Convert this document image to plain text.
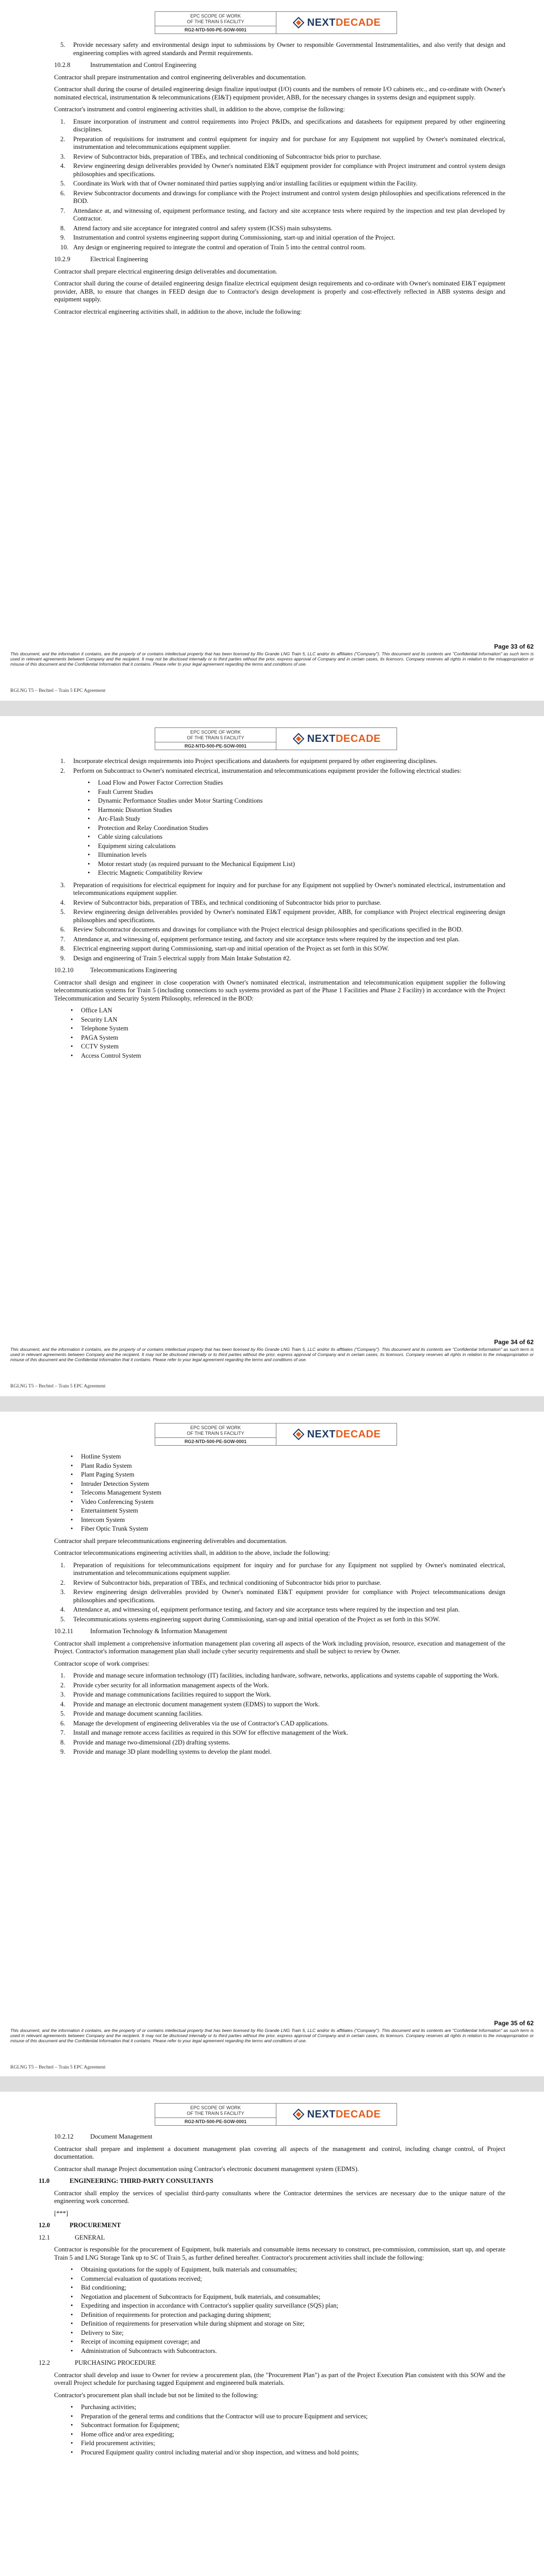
EPC SCOPE OF WORK
OF THE TRAIN 5 FACILITY
RG2-NTD-500-PE-SOW-0001
NEXT DECADE
5.	Provide necessary safety and environmental design input to submissions by Owner to responsible Governmental Instrumentalities, and also verify that design and engineering complies with agreed standards and Permit requirements.
10.2.8	Instrumentation and Control Engineering

Contractor shall prepare instrumentation and control engineering deliverables and documentation.

Contractor shall during the course of detailed engineering design finalize input/output (I/O) counts and the numbers of remote I/O cabinets etc., and co-ordinate with Owner's nominated electrical, instrumentation & telecommunications (EI&T) equipment provider, ABB, for the necessary changes in systems design and equipment supply.

Contractor's instrument and control engineering activities shall, in addition to the above, comprise the following:

1.	Ensure incorporation of instrument and control requirements into Project P&IDs, and specifications and datasheets for equipment prepared by other engineering disciplines.
2.	Preparation of requisitions for instrument and control equipment for inquiry and for purchase for any Equipment not supplied by Owner's nominated electrical, instrumentation and telecommunications equipment supplier.
3.	Review of Subcontractor bids, preparation of TBEs, and technical conditioning of Subcontractor bids prior to purchase.
4.	Review engineering design deliverables provided by Owner's nominated EI&T equipment provider for compliance with Project instrument and control system design philosophies and specifications.
5.	Coordinate its Work with that of Owner nominated third parties supplying and/or installing facilities or equipment within the Facility.
6.	Review Subcontractor documents and drawings for compliance with the Project instrument and control system design philosophies and specifications referenced in the BOD.
7.	Attendance at, and witnessing of, equipment performance testing, and factory and site acceptance tests where required by the inspection and test plan developed by Contractor.
8.	Attend factory and site acceptance for integrated control and safety system (ICSS) main subsystems.
9.	Instrumentation and control systems engineering support during Commissioning, start-up and initial operation of the Project.
10. Any design or engineering required to integrate the control and operation of Train 5 into the central control room.
10.2.9	Electrical Engineering

Contractor shall prepare electrical engineering design deliverables and documentation.

Contractor shall during the course of detailed engineering design finalize electrical equipment design requirements and co-ordinate with Owner's nominated EI&T equipment provider, ABB, to ensure that changes in FEED design due to Contractor's design development is properly and cost-effectively reflected in ABB systems design and equipment supply.

Contractor electrical engineering activities shall, in addition to the above, include the following:

Page 33 of 62
This document, and the information it contains, are the property of or contains intellectual property that has been licensed by Rio Grande LNG Train 5, LLC and/or its affiliates ("Company"). This document and its contents are "Confidential Information" as such term is used in relevant agreements between Company and the recipient. It may not be disclosed internally or to third parties without the prior, express approval of Company and in certain cases, its licensors. Company reserves all rights in relation to the misappropriation or misuse of this document and the Confidential Information that it contains. Please refer to your legal agreement regarding the terms and conditions of use.
RGLNG T5 – Bechtel – Train 5 EPC Agreement
EPC SCOPE OF WORK
OF THE TRAIN 5 FACILITY
RG2-NTD-500-PE-SOW-0001
NEXT DECADE
1.	Incorporate electrical design requirements into Project specifications and datasheets for equipment prepared by other engineering disciplines.
2.	Perform on Subcontract to Owner's nominated electrical, instrumentation and telecommunications equipment provider the following electrical studies:
•	Load Flow and Power Factor Correction Studies
•	Fault Current Studies
•	Dynamic Performance Studies under Motor Starting Conditions
•	Harmonic Distortion Studies
•	Arc-Flash Study
•	Protection and Relay Coordination Studies
•	Cable sizing calculations
•	Equipment sizing calculations
•	Illumination levels
•	Motor restart study (as required pursuant to the Mechanical Equipment List)
•	Electric Magnetic Compatibility Review
3.	Preparation of requisitions for electrical equipment for inquiry and for purchase for any Equipment not supplied by Owner's nominated electrical, instrumentation and telecommunications equipment supplier.
4.	Review of Subcontractor bids, preparation of TBEs, and technical conditioning of Subcontractor bids prior to purchase.
5.	Review engineering design deliverables provided by Owner's nominated EI&T equipment provider, ABB, for compliance with Project electrical engineering design philosophies and specifications.
6.	Review Subcontractor documents and drawings for compliance with the Project electrical design philosophies and specifications specified in the BOD.
7.	Attendance at, and witnessing of, equipment performance testing, and factory and site acceptance tests where required by the inspection and test plan.
8.	Electrical engineering support during Commissioning, start-up and initial operation of the Project as set forth in this SOW.
9.	Design and engineering of Train 5 electrical supply from Main Intake Substation #2.
10.2.10	Telecommunications Engineering

Contractor shall design and engineer in close cooperation with Owner's nominated electrical, instrumentation and telecommunication equipment supplier the following telecommunication systems for Train 5 (including connections to such systems provided as part of the Phase 1 Facilities and Phase 2 Facility) in accordance with the Project Telecommunication and Security System Philosophy, referenced in the BOD:

•	Office LAN
•	Security LAN
•	Telephone System
•	PAGA System
•	CCTV System
•	Access Control System
Page 34 of 62
This document, and the information it contains, are the property of or contains intellectual property that has been licensed by Rio Grande LNG Train 5, LLC and/or its affiliates ("Company"). This document and its contents are "Confidential Information" as such term is used in relevant agreements between Company and the recipient. It may not be disclosed internally or to third parties without the prior, express approval of Company and in certain cases, its licensors. Company reserves all rights in relation to the misappropriation or misuse of this document and the Confidential Information that it contains. Please refer to your legal agreement regarding the terms and conditions of use.
RGLNG T5 – Bechtel – Train 5 EPC Agreement
EPC SCOPE OF WORK
OF THE TRAIN 5 FACILITY
RG2-NTD-500-PE-SOW-0001
NEXT DECADE
•	Hotline System
•	Plant Radio System
•	Plant Paging System
•	Intruder Detection System
•	Telecoms Management System
•	Video Conferencing System
•	Entertainment System
•	Intercom System
•	Fiber Optic Trunk System

Contractor shall prepare telecommunications engineering deliverables and documentation.

Contractor telecommunications engineering activities shall, in addition to the above, include the following:

1.	Preparation of requisitions for telecommunications equipment for inquiry and for purchase for any Equipment not supplied by Owner's nominated electrical, instrumentation and telecommunications equipment supplier.
2.	Review of Subcontractor bids, preparation of TBEs, and technical conditioning of Subcontractor bids prior to purchase.
3.	Review engineering design deliverables provided by Owner's nominated EI&T equipment provider for compliance with Project telecommunications design philosophies and specifications.
4.	Attendance at, and witnessing of, equipment performance testing, and factory and site acceptance tests where required by the inspection and test plan.
5.	Telecommunications systems engineering support during Commissioning, start-up and initial operation of the Project as set forth in this SOW.
10.2.11	Information Technology & Information Management

Contractor shall implement a comprehensive information management plan covering all aspects of the Work including provision, resource, execution and management of the Project. Contractor's information management plan shall include cyber security requirements and shall be subject to review by Owner.

Contractor scope of work comprises:

1.	Provide and manage secure information technology (IT) facilities, including hardware, software, networks, applications and systems capable of supporting the Work.
2.	Provide cyber security for all information management aspects of the Work.
3.	Provide and manage communications facilities required to support the Work.
4.	Provide and manage an electronic document management system (EDMS) to support the Work.
5.	Provide and manage document scanning facilities.
6.	Manage the development of engineering deliverables via the use of Contractor's CAD applications.
7.	Install and manage remote access facilities as required in this SOW for effective management of the Work.
8.	Provide and manage two-dimensional (2D) drafting systems.
9.	Provide and manage 3D plant modelling systems to develop the plant model.
Page 35 of 62
This document, and the information it contains, are the property of or contains intellectual property that has been licensed by Rio Grande LNG Train 5, LLC and/or its affiliates ("Company"). This document and its contents are "Confidential Information" as such term is used in relevant agreements between Company and the recipient. It may not be disclosed internally or to third parties without the prior, express approval of Company and in certain cases, its licensors. Company reserves all rights in relation to the misappropriation or misuse of this document and the Confidential Information that it contains. Please refer to your legal agreement regarding the terms and conditions of use.
RGLNG T5 – Bechtel – Train 5 EPC Agreement
EPC SCOPE OF WORK
OF THE TRAIN 5 FACILITY
RG2-NTD-500-PE-SOW-0001
NEXT DECADE
10.2.12	Document Management

Contractor shall prepare and implement a document management plan covering all aspects of the management and control, including change control, of Project documentation.

Contractor shall manage Project documentation using Contractor's electronic document management system (EDMS).

11.0	ENGINEERING: THIRD-PARTY CONSULTANTS

Contractor shall employ the services of specialist third-party consultants where the Contractor determines the services are necessary due to the unique nature of the engineering work concerned.

[***]

12.0	PROCUREMENT
12.1	GENERAL

Contractor is responsible for the procurement of Equipment, bulk materials and consumable items necessary to construct, pre-commission, commission, start up, and operate Train 5 and LNG Storage Tank up to SC of Train 5, as further defined hereafter. Contractor's procurement activities shall include the following:

•	Obtaining quotations for the supply of Equipment, bulk materials and consumables;
•	Commercial evaluation of quotations received;
•	Bid conditioning;
•	Negotiation and placement of Subcontracts for Equipment, bulk materials, and consumables;
•	Expediting and inspection in accordance with Contractor's supplier quality surveillance (SQS) plan;
•	Definition of requirements for protection and packaging during shipment;
•	Definition of requirements for preservation while during shipment and storage on Site;
•	Delivery to Site;
•	Receipt of incoming equipment coverage; and
•	Administration of Subcontracts with Subcontractors.
12.2	PURCHASING PROCEDURE

Contractor shall develop and issue to Owner for review a procurement plan, (the "Procurement Plan") as part of the Project Execution Plan consistent with this SOW and the overall Project schedule for purchasing tagged Equipment and engineered bulk materials.

Contractor's procurement plan shall include but not be limited to the following:

•	Purchasing activities;
•	Preparation of the general terms and conditions that the Contractor will use to procure Equipment and services;
•	Subcontract formation for Equipment;
•	Home office and/or area expediting;
•	Field procurement activities;
•	Procured Equipment quality control including material and/or shop inspection, and witness and hold points;
